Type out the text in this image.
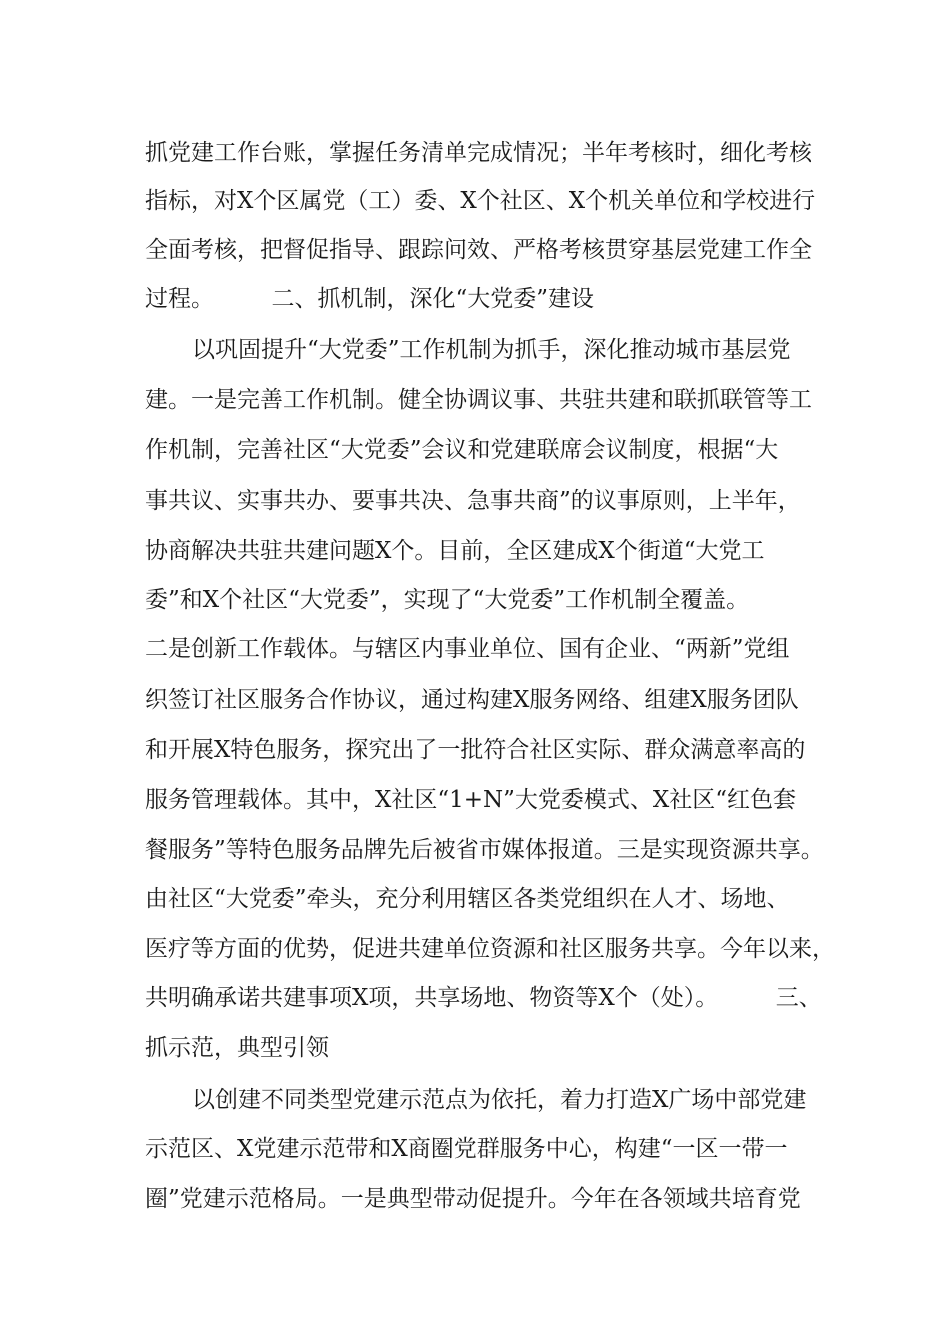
抓党建工作台账，掌握任务清单完成情况；半年考核时，细化考核
指标，对X个区属党（工）委、X个社区、X个机关单位和学校进行
全面考核，把督促指导、跟踪问效、严格考核贯穿基层党建工作全
过程。　　　二、抓机制，深化“大党委”建设
以巩固提升“大党委”工作机制为抓手，深化推动城市基层党
建。一是完善工作机制。健全协调议事、共驻共建和联抓联管等工
作机制，完善社区“大党委”会议和党建联席会议制度，根据“大
事共议、实事共办、要事共决、急事共商”的议事原则，上半年，
协商解决共驻共建问题X个。目前，全区建成X个街道“大党工
委”和X个社区“大党委”，实现了“大党委”工作机制全覆盖。
二是创新工作载体。与辖区内事业单位、国有企业、“两新”党组
织签订社区服务合作协议，通过构建X服务网络、组建X服务团队
和开展X特色服务，探究出了一批符合社区实际、群众满意率高的
服务管理载体。其中，X社区“1+N”大党委模式、X社区“红色套
餐服务”等特色服务品牌先后被省市媒体报道。三是实现资源共享。
由社区“大党委”牵头，充分利用辖区各类党组织在人才、场地、
医疗等方面的优势，促进共建单位资源和社区服务共享。今年以来，
共明确承诺共建事项X项，共享场地、物资等X个（处）。　　　三、
抓示范，典型引领
以创建不同类型党建示范点为依托，着力打造X广场中部党建
示范区、X党建示范带和X商圈党群服务中心，构建“一区一带一
圈”党建示范格局。一是典型带动促提升。今年在各领域共培育党
